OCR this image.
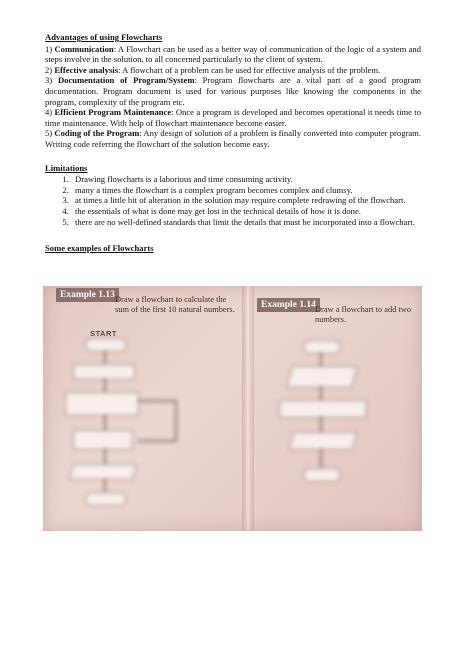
Advantages of using Flowcharts

1) Communication: A Flowchart can be used as a better way of communication of the logic of a system and steps involve in the solution, to all concerned particularly to the client of system.

2) Effective analysis: A flowchart of a problem can be used for effective analysis of the problem.

3) Documentation of Program/System: Program flowcharts are a vital part of a good program documentation. Program document is used for various purposes like knowing the components in the program, complexity of the program etc.

4) Efficient Program Maintenance: Once a program is developed and becomes operational it needs time to time maintenance. With help of flowchart maintenance become easier.

5) Coding of the Program: Any design of solution of a problem is finally converted into computer program. Writing code referring the flowchart of the solution become easy.

Limitations
1. Drawing flowcharts is a laborious and time consuming activity.
2. many a times the flowchart is a complex program becomes complex and clumsy.
3. at times a little bit of alteration in the solution may require complete redrawing of the flowchart.
4. the essentials of what is done may get lost in the technical details of how it is done.
5. there are no well-defined standards that limit the details that must be incorporated into a flowchart.
Some examples of Flowcharts
Example 1.13 Draw a flowchart to calculate the sum of the first 10 natural numbers.	Example 1.14 Draw a flowchart to add two numbers.
START
